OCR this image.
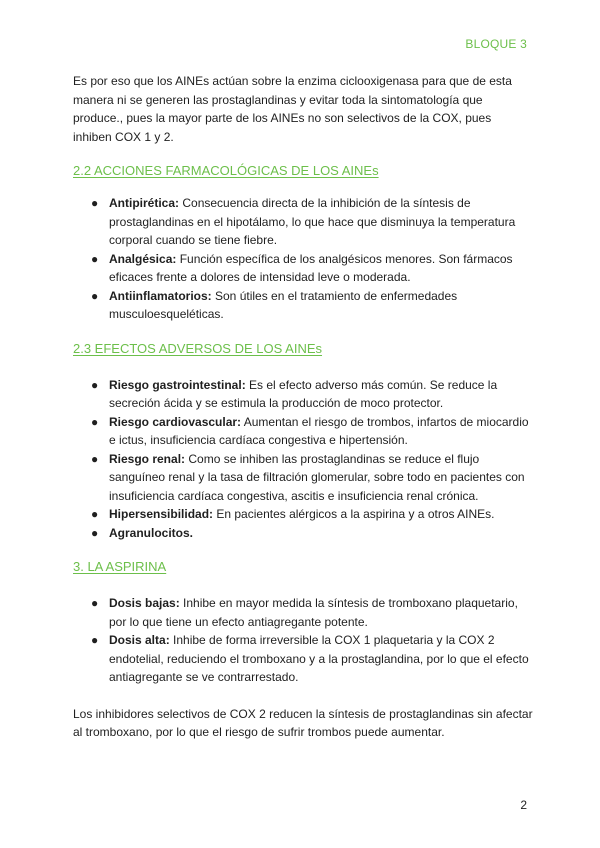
BLOQUE 3

Es por eso que los AINEs actúan sobre la enzima ciclooxigenasa para que de esta manera ni se generen las prostaglandinas y evitar toda la sintomatología que produce., pues la mayor parte de los AINEs no son selectivos de la COX, pues inhiben COX 1 y 2.

2.2 ACCIONES FARMACOLÓGICAS DE LOS AINEs
● Antipirética: Consecuencia directa de la inhibición de la síntesis de prostaglandinas en el hipotálamo, lo que hace que disminuya la temperatura corporal cuando se tiene fiebre.
● Analgésica: Función específica de los analgésicos menores. Son fármacos eficaces frente a dolores de intensidad leve o moderada.
● Antiinflamatorios: Son útiles en el tratamiento de enfermedades musculoesqueléticas.
2.3 EFECTOS ADVERSOS DE LOS AINEs
● Riesgo gastrointestinal: Es el efecto adverso más común. Se reduce la secreción ácida y se estimula la producción de moco protector.
● Riesgo cardiovascular: Aumentan el riesgo de trombos, infartos de miocardio e ictus, insuficiencia cardíaca congestiva e hipertensión.
● Riesgo renal: Como se inhiben las prostaglandinas se reduce el flujo sanguíneo renal y la tasa de filtración glomerular, sobre todo en pacientes con insuficiencia cardíaca congestiva, ascitis e insuficiencia renal crónica.
● Hipersensibilidad: En pacientes alérgicos a la aspirina y a otros AINEs.
● Agranulocitos.
3. LA ASPIRINA
● Dosis bajas: Inhibe en mayor medida la síntesis de tromboxano plaquetario, por lo que tiene un efecto antiagregante potente.
● Dosis alta: Inhibe de forma irreversible la COX 1 plaquetaria y la COX 2 endotelial, reduciendo el tromboxano y a la prostaglandina, por lo que el efecto antiagregante se ve contrarrestado.

Los inhibidores selectivos de COX 2 reducen la síntesis de prostaglandinas sin afectar al tromboxano, por lo que el riesgo de sufrir trombos puede aumentar.

2
